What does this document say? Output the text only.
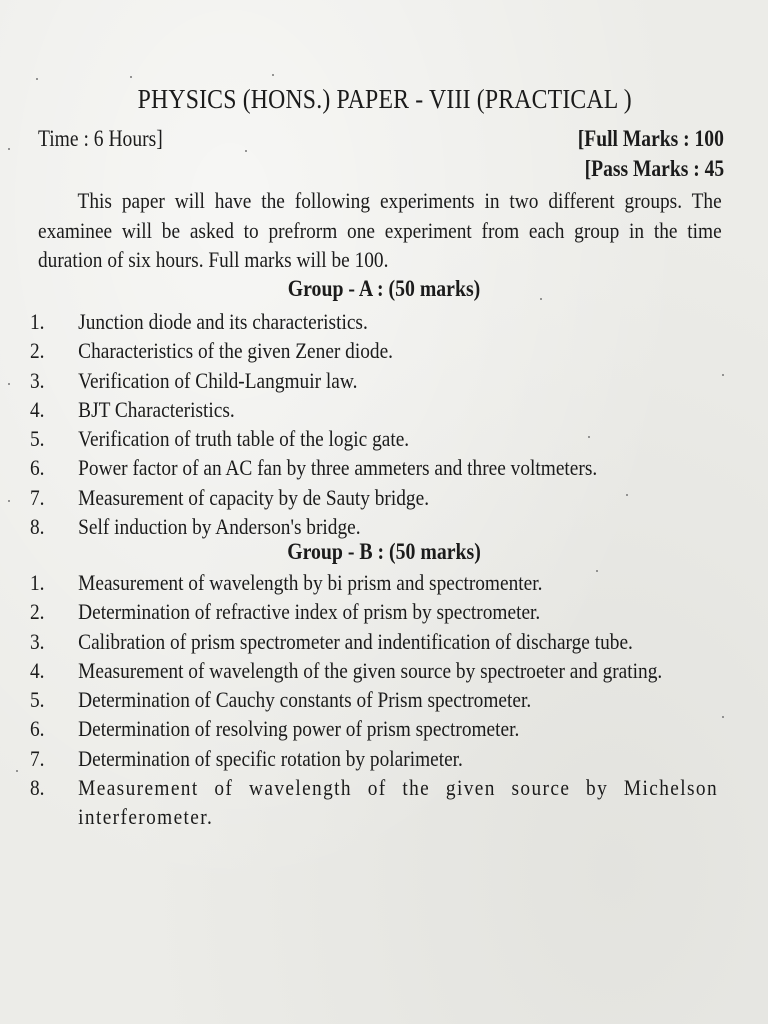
PHYSICS (HONS.) PAPER - VIII (PRACTICAL )
Time : 6 Hours]	[Full Marks : 100
[Pass Marks : 45
This paper will have the following experiments in two different groups. The examinee will be asked to prefrorm one experiment from each group in the time duration of six hours. Full marks will be 100.
Group - A : (50 marks)
1. Junction diode and its characteristics.
2. Characteristics of the given Zener diode.
3. Verification of Child-Langmuir law.
4. BJT Characteristics.
5. Verification of truth table of the logic gate.
6. Power factor of an AC fan by three ammeters and three voltmeters.
7. Measurement of capacity by de Sauty bridge.
8. Self induction by Anderson's bridge.
Group - B : (50 marks)
1. Measurement of wavelength by bi prism and spectromenter.
2. Determination of refractive index of prism by spectrometer.
3. Calibration of prism spectrometer and indentification of discharge tube.
4. Measurement of wavelength of the given source by spectroeter and grating.
5. Determination of Cauchy constants of Prism spectrometer.
6. Determination of resolving power of prism spectrometer.
7. Determination of specific rotation by polarimeter.
8.	Measurement of wavelength of the given source by Michelson interferometer.
